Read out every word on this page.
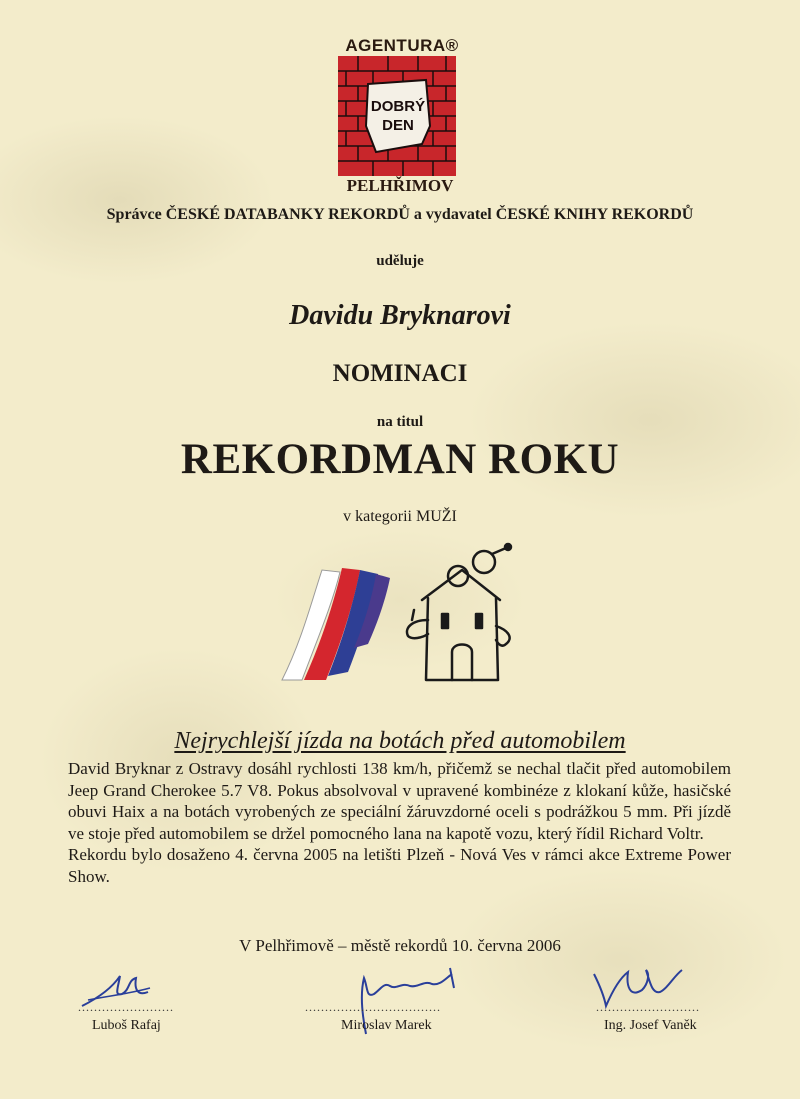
AGENTURA®
DOBRÝ
DEN
PELHŘIMOV
Správce ČESKÉ DATABANKY REKORDŮ a vydavatel ČESKÉ KNIHY REKORDŮ
uděluje
Davidu Bryknarovi
NOMINACI
na titul
REKORDMAN ROKU
v kategorii MUŽI
Nejrychlejší jízda na botách před automobilem

David Bryknar z Ostravy dosáhl rychlosti 138 km/h, přičemž se nechal tlačit před automobilem Jeep Grand Cherokee 5.7 V8. Pokus absolvoval v upravené kombinéze z klokaní kůže, hasičské obuvi Haix a na botách vyrobených ze speciální žáruvzdorné oceli s podrážkou 5 mm. Při jízdě ve stoje před automobilem se držel pomocného lana na kapotě vozu, který řídil Richard Voltr.

Rekordu bylo dosaženo 4. června 2005 na letišti Plzeň - Nová Ves v rámci akce Extreme Power Show.

V Pelhřimově – městě rekordů 10. června 2006
........................	..................................	..........................
Luboš Rafaj	Miroslav Marek	Ing. Josef Vaněk
